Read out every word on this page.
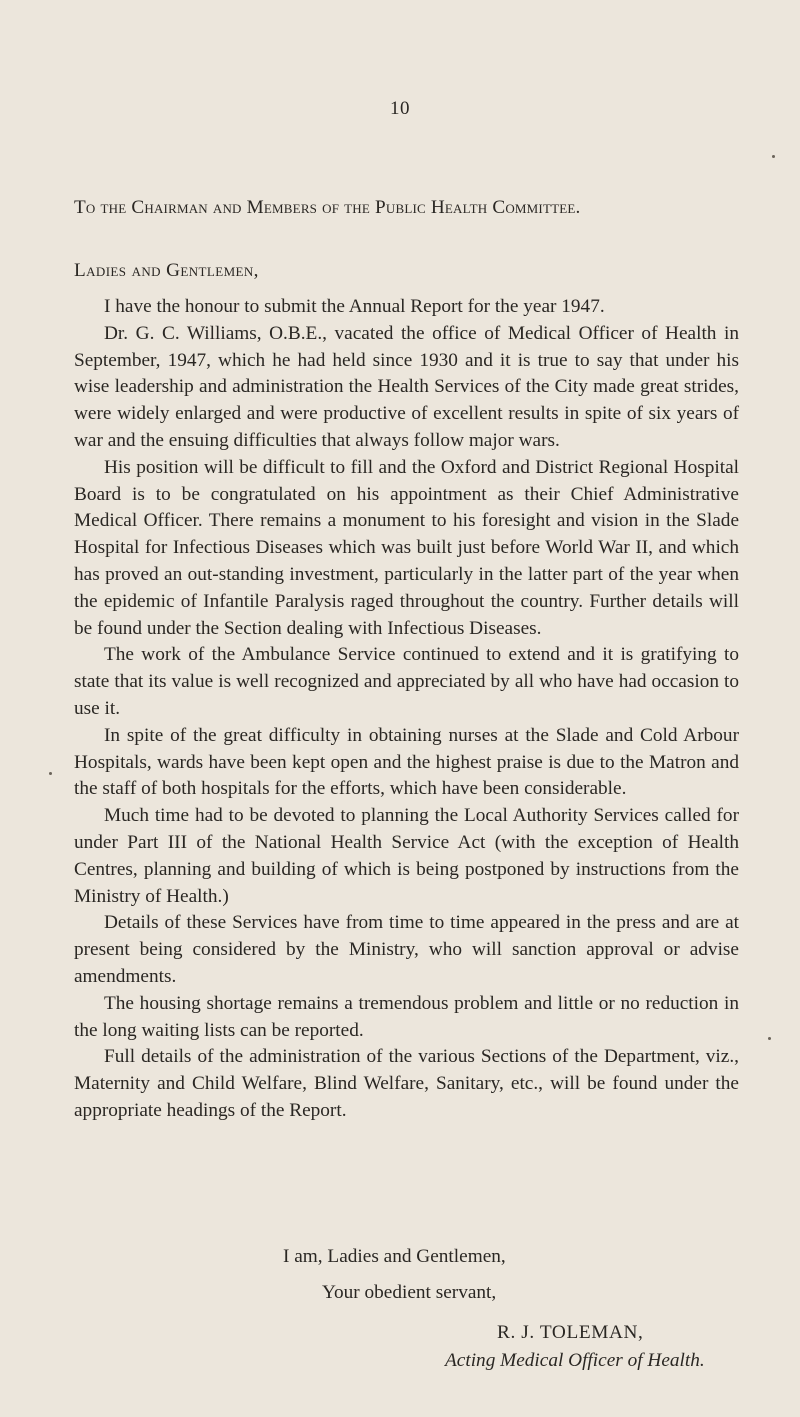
10
To the Chairman and Members of the Public Health Committee.
Ladies and Gentlemen,

I have the honour to submit the Annual Report for the year 1947.

Dr. G. C. Williams, O.B.E., vacated the office of Medical Officer of Health in September, 1947, which he had held since 1930 and it is true to say that under his wise leadership and administration the Health Services of the City made great strides, were widely enlarged and were productive of excellent results in spite of six years of war and the ensuing difficulties that always follow major wars.

His position will be difficult to fill and the Oxford and District Regional Hospital Board is to be congratulated on his appointment as their Chief Administrative Medical Officer. There remains a monument to his foresight and vision in the Slade Hospital for Infectious Diseases which was built just before World War II, and which has proved an out-standing investment, particularly in the latter part of the year when the epidemic of Infantile Paralysis raged throughout the country. Further details will be found under the Section dealing with Infectious Diseases.

The work of the Ambulance Service continued to extend and it is gratifying to state that its value is well recognized and appreciated by all who have had occasion to use it.

In spite of the great difficulty in obtaining nurses at the Slade and Cold Arbour Hospitals, wards have been kept open and the highest praise is due to the Matron and the staff of both hospitals for the efforts, which have been considerable.

Much time had to be devoted to planning the Local Authority Services called for under Part III of the National Health Service Act (with the exception of Health Centres, planning and building of which is being postponed by instructions from the Ministry of Health.)

Details of these Services have from time to time appeared in the press and are at present being considered by the Ministry, who will sanction approval or advise amendments.

The housing shortage remains a tremendous problem and little or no reduction in the long waiting lists can be reported.

Full details of the administration of the various Sections of the Department, viz., Maternity and Child Welfare, Blind Welfare, Sanitary, etc., will be found under the appropriate headings of the Report.

I am, Ladies and Gentlemen,
Your obedient servant,
R. J. TOLEMAN,
Acting Medical Officer of Health.
